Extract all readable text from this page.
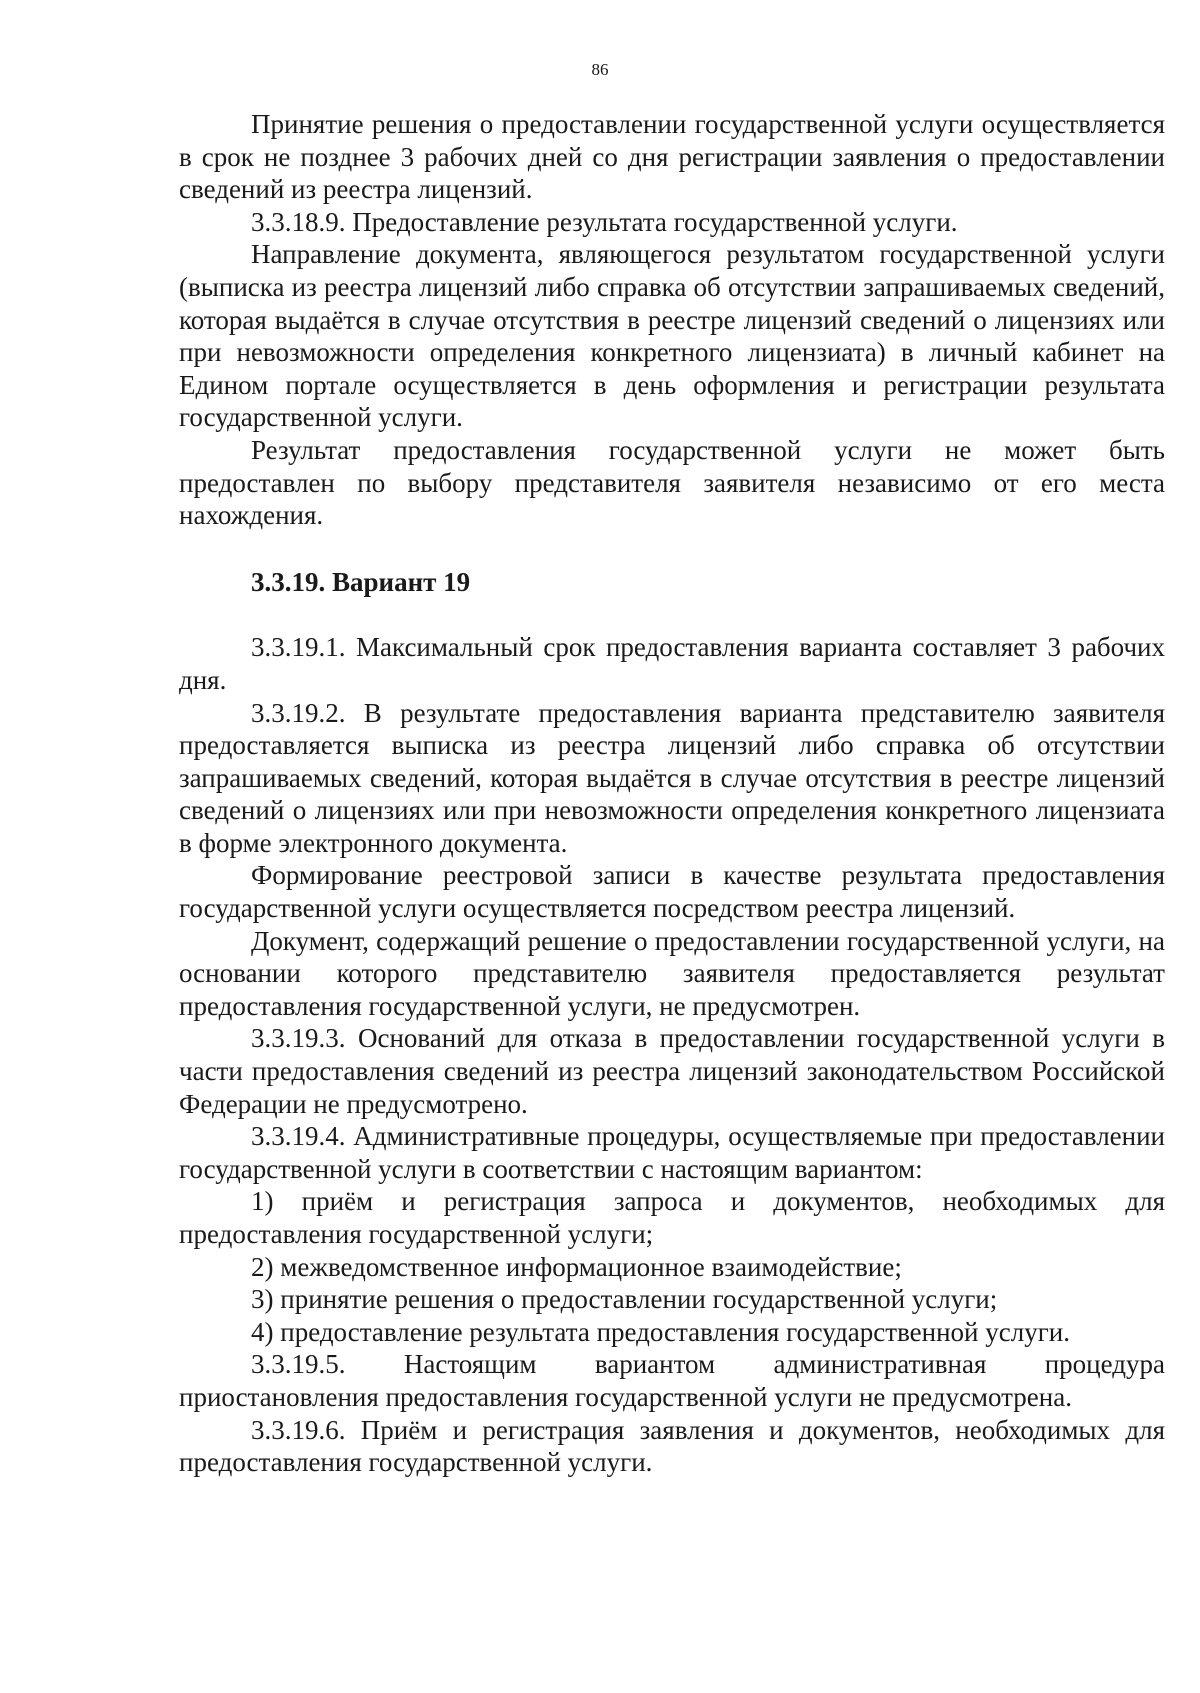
86

Принятие решения о предоставлении государственной услуги осуществляется в срок не позднее 3 рабочих дней со дня регистрации заявления о предоставлении сведений из реестра лицензий.

3.3.18.9. Предоставление результата государственной услуги.

Направление документа, являющегося результатом государственной услуги (выписка из реестра лицензий либо справка об отсутствии запрашиваемых сведений, которая выдаётся в случае отсутствия в реестре лицензий сведений о лицензиях или при невозможности определения конкретного лицензиата) в личный кабинет на Едином портале осуществляется в день оформления и регистрации результата государственной услуги.

Результат предоставления государственной услуги не может быть предоставлен по выбору представителя заявителя независимо от его места нахождения.

3.3.19. Вариант 19

3.3.19.1. Максимальный срок предоставления варианта составляет 3 рабочих дня.

3.3.19.2. В результате предоставления варианта представителю заявителя предоставляется выписка из реестра лицензий либо справка об отсутствии запрашиваемых сведений, которая выдаётся в случае отсутствия в реестре лицензий сведений о лицензиях или при невозможности определения конкретного лицензиата в форме электронного документа.

Формирование реестровой записи в качестве результата предоставления государственной услуги осуществляется посредством реестра лицензий.

Документ, содержащий решение о предоставлении государственной услуги, на основании которого представителю заявителя предоставляется результат предоставления государственной услуги, не предусмотрен.

3.3.19.3. Оснований для отказа в предоставлении государственной услуги в части предоставления сведений из реестра лицензий законодательством Российской Федерации не предусмотрено.

3.3.19.4. Административные процедуры, осуществляемые при предоставлении государственной услуги в соответствии с настоящим вариантом:

1) приём и регистрация запроса и документов, необходимых для предоставления государственной услуги;

2) межведомственное информационное взаимодействие;

3) принятие решения о предоставлении государственной услуги;

4) предоставление результата предоставления государственной услуги.

3.3.19.5. Настоящим вариантом административная процедура приостановления предоставления государственной услуги не предусмотрена.

3.3.19.6. Приём и регистрация заявления и документов, необходимых для предоставления государственной услуги.
